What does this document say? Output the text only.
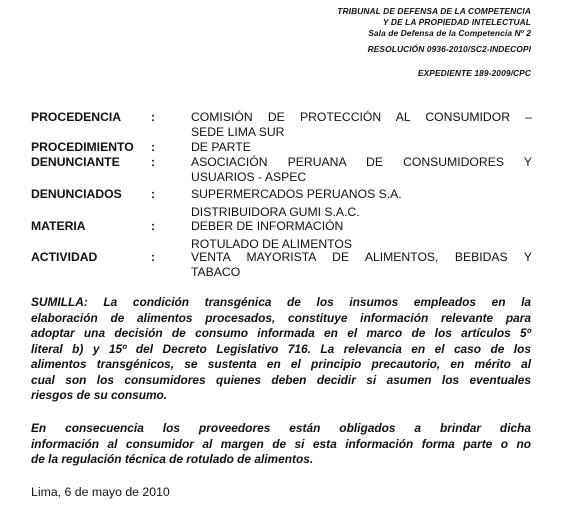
TRIBUNAL DE DEFENSA DE LA COMPETENCIA
Y DE LA PROPIEDAD INTELECTUAL
Sala de Defensa de la Competencia Nº 2
RESOLUCIÓN 0936-2010/SC2-INDECOPI
EXPEDIENTE 189-2009/CPC
PROCEDENCIA :	COMISIÓN DE PROTECCIÓN AL CONSUMIDOR –
SEDE LIMA SUR
PROCEDIMIENTO :	DE PARTE
DENUNCIANTE	:	ASOCIACIÓN PERUANA DE CONSUMIDORES Y
USUARIOS - ASPEC
DENUNCIADOS :	SUPERMERCADOS PERUANOS S.A.
DISTRIBUIDORA GUMI S.A.C.
MATERIA	:	DEBER DE INFORMACIÓN
ROTULADO DE ALIMENTOS
ACTIVIDAD	:	VENTA MAYORISTA DE ALIMENTOS, BEBIDAS Y
TABACO
SUMILLA: La condición transgénica de los insumos empleados en la
elaboración de alimentos procesados, constituye información relevante para
adoptar una decisión de consumo informada en el marco de los artículos 5º
literal b) y 15º del Decreto Legislativo 716. La relevancia en el caso de los
alimentos transgénicos, se sustenta en el principio precautorio, en mérito al
cual son los consumidores quienes deben decidir si asumen los eventuales
riesgos de su consumo.
En consecuencia los proveedores están obligados a brindar dicha
información al consumidor al margen de si esta información forma parte o no
de la regulación técnica de rotulado de alimentos.
Lima, 6 de mayo de 2010
